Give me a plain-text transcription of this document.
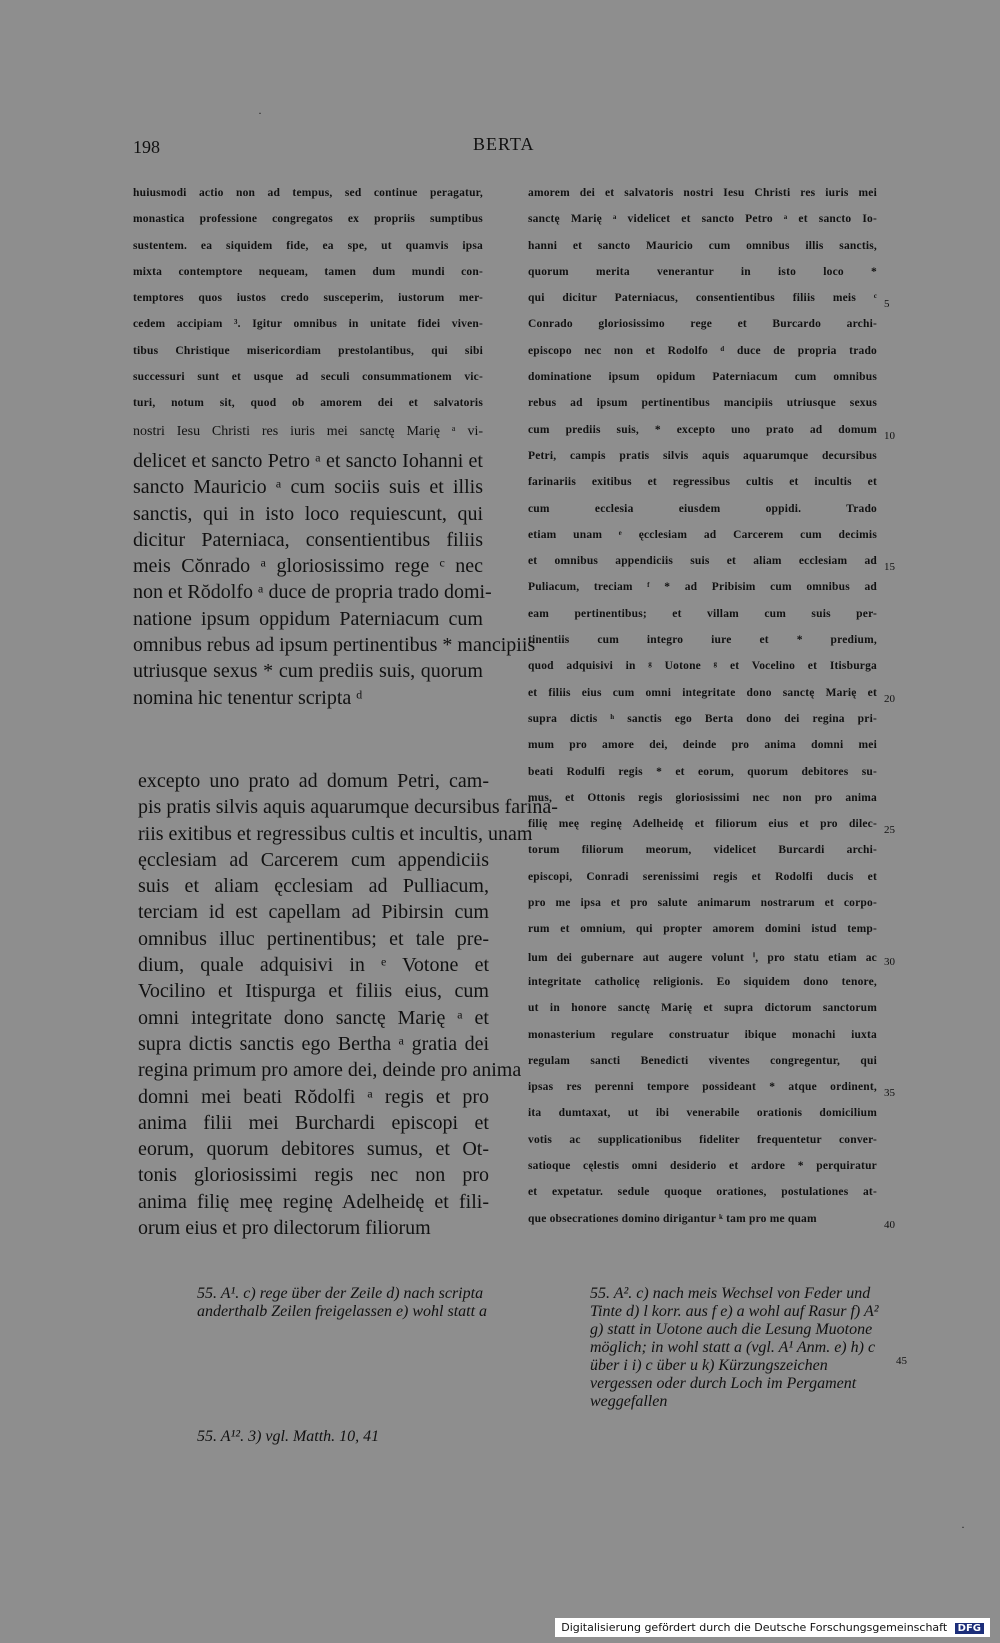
·
·
198	BERTA
huiusmodi actio non ad tempus, sed continue peragatur,
monastica professione congregatos ex propriis sumptibus
sustentem. ea siquidem fide, ea spe, ut quamvis ipsa
mixta contemptore nequeam, tamen dum mundi con-
temptores quos iustos credo susceperim, iustorum mer-
cedem accipiam ³. Igitur omnibus in unitate fidei viven-
tibus Christique misericordiam prestolantibus, qui sibi
successuri sunt et usque ad seculi consummationem vic-
turi, notum sit, quod ob amorem dei et salvatoris
nostri Iesu Christi res iuris mei sanctę Marię ᵃ vi-
delicet et sancto Petro ᵃ et sancto Iohanni et
sancto Mauricio ᵃ cum sociis suis et illis
sanctis, qui in isto loco requiescunt, qui
dicitur Paterniaca, consentientibus filiis
meis Cŏnrado ᵃ gloriosissimo rege ᶜ nec
non et Rŏdolfo ᵃ duce de propria trado domi-
natione ipsum oppidum Paterniacum cum
omnibus rebus ad ipsum pertinentibus * mancipiis
utriusque sexus * cum prediis suis, quorum
nomina hic tenentur scripta ᵈ
excepto uno prato ad domum Petri, cam-
pis pratis silvis aquis aquarumque decursibus farina-
riis exitibus et regressibus cultis et incultis, unam
ęcclesiam ad Carcerem cum appendiciis
suis et aliam ęcclesiam ad Pulliacum,
terciam id est capellam ad Pibirsin cum
omnibus illuc pertinentibus; et tale pre-
dium, quale adquisivi in ᵉ Votone et
Vocilino et Itispurga et filiis eius, cum
omni integritate dono sanctę Marię ᵃ et
supra dictis sanctis ego Bertha ᵃ gratia dei
regina primum pro amore dei, deinde pro anima
domni mei beati Rŏdolfi ᵃ regis et pro
anima filii mei Burchardi episcopi et
eorum, quorum debitores sumus, et Ot-
tonis gloriosissimi regis nec non pro
anima filię meę reginę Adelheidę et fili-
orum eius et pro dilectorum filiorum
amorem dei et salvatoris nostri Iesu Christi res iuris mei
sanctę Marię ᵃ videlicet et sancto Petro ᵃ et sancto Io-
hanni et sancto Mauricio cum omnibus illis sanctis,
quorum merita venerantur in isto loco *
qui dicitur Paterniacus, consentientibus filiis meis ᶜ
Conrado gloriosissimo rege et Burcardo archi-
episcopo nec non et Rodolfo ᵈ duce de propria trado
dominatione ipsum opidum Paterniacum cum omnibus
rebus ad ipsum pertinentibus mancipiis utriusque sexus
cum prediis suis, * excepto uno prato ad domum
Petri, campis pratis silvis aquis aquarumque decursibus
farinariis exitibus et regressibus cultis et incultis et
cum ecclesia eiusdem oppidi. Trado
etiam unam ᵉ ęcclesiam ad Carcerem cum decimis
et omnibus appendiciis suis et aliam ecclesiam ad
Puliacum, treciam ᶠ * ad Pribisim cum omnibus ad
eam pertinentibus; et villam cum suis per-
tinentiis cum integro iure et * predium,
quod adquisivi in ᵍ Uotone ᵍ et Vocelino et Itisburga
et filiis eius cum omni integritate dono sanctę Marię et
supra dictis ʰ sanctis ego Berta dono dei regina pri-
mum pro amore dei, deinde pro anima domni mei
beati Rodulfi regis * et eorum, quorum debitores su-
mus, et Ottonis regis gloriosissimi nec non pro anima
filię meę reginę Adelheidę et filiorum eius et pro dilec-
torum filiorum meorum, videlicet Burcardi archi-
episcopi, Conradi serenissimi regis et Rodolfi ducis et
pro me ipsa et pro salute animarum nostrarum et corpo-
rum et omnium, qui propter amorem domini istud temp-
lum dei gubernare aut augere volunt ⁱ, pro statu etiam ac
integritate catholicę religionis. Eo siquidem dono tenore,
ut in honore sanctę Marię et supra dictorum sanctorum
monasterium regulare construatur ibique monachi iuxta
regulam sancti Benedicti viventes congregentur, qui
ipsas res perenni tempore possideant * atque ordinent,
ita dumtaxat, ut ibi venerabile orationis domicilium
votis ac supplicationibus fideliter frequentetur conver-
satioque cęlestis omni desiderio et ardore * perquiratur
et expetatur. sedule quoque orationes, postulationes at-
que obsecrationes domino dirigantur ᵏ tam pro me quam
5
10
15
20
25
30
35
40
55. A¹. c) rege über der Zeile d) nach scripta anderthalb Zeilen freigelassen e) wohl statt a
55. A¹². 3) vgl. Matth. 10, 41
55. A². c) nach meis Wechsel von Feder und Tinte d) l korr. aus f e) a wohl auf Rasur f) A² g) statt in Uotone auch die Lesung Muotone möglich; in wohl statt a (vgl. A¹ Anm. e) h) c über i i) c über u k) Kürzungszeichen vergessen oder durch Loch im Pergament weggefallen
45
Digitalisierung gefördert durch die Deutsche Forschungsgemeinschaft DFG
